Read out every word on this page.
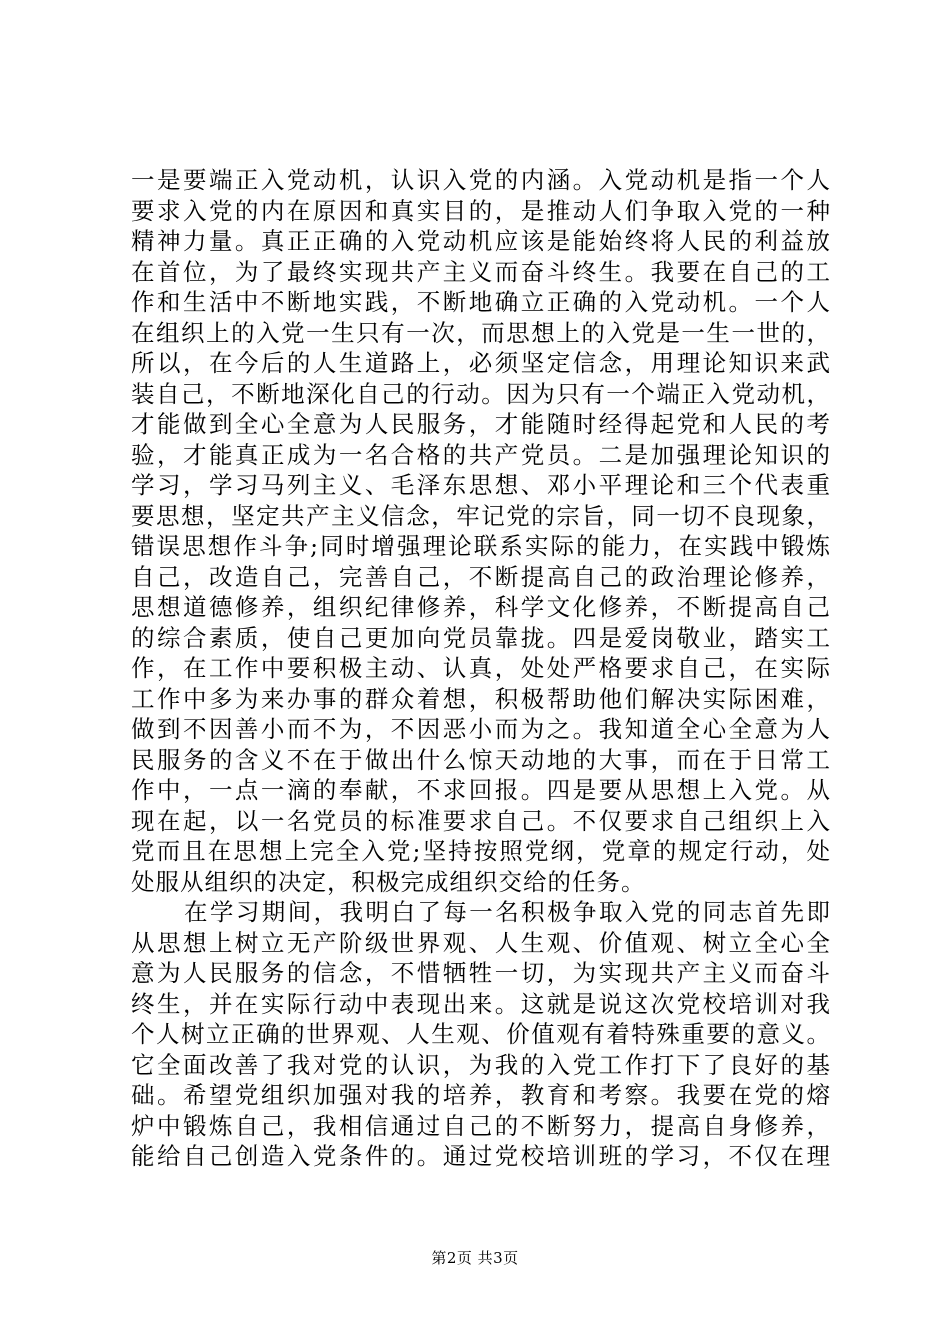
一是要端正入党动机，认识入党的内涵。入党动机是指一个人
要求入党的内在原因和真实目的，是推动人们争取入党的一种
精神力量。真正正确的入党动机应该是能始终将人民的利益放
在首位，为了最终实现共产主义而奋斗终生。我要在自己的工
作和生活中不断地实践，不断地确立正确的入党动机。一个人
在组织上的入党一生只有一次，而思想上的入党是一生一世的，
所以，在今后的人生道路上，必须坚定信念，用理论知识来武
装自己，不断地深化自己的行动。因为只有一个端正入党动机，
才能做到全心全意为人民服务，才能随时经得起党和人民的考
验，才能真正成为一名合格的共产党员。二是加强理论知识的
学习，学习马列主义、毛泽东思想、邓小平理论和三个代表重
要思想，坚定共产主义信念，牢记党的宗旨，同一切不良现象，
错误思想作斗争;同时增强理论联系实际的能力，在实践中锻炼
自己，改造自己，完善自己，不断提高自己的政治理论修养，
思想道德修养，组织纪律修养，科学文化修养，不断提高自己
的综合素质，使自己更加向党员靠拢。四是爱岗敬业，踏实工
作，在工作中要积极主动、认真，处处严格要求自己，在实际
工作中多为来办事的群众着想，积极帮助他们解决实际困难，
做到不因善小而不为，不因恶小而为之。我知道全心全意为人
民服务的含义不在于做出什么惊天动地的大事，而在于日常工
作中，一点一滴的奉献，不求回报。四是要从思想上入党。从
现在起，以一名党员的标准要求自己。不仅要求自己组织上入
党而且在思想上完全入党;坚持按照党纲，党章的规定行动，处
处服从组织的决定，积极完成组织交给的任务。
在学习期间，我明白了每一名积极争取入党的同志首先即
从思想上树立无产阶级世界观、人生观、价值观、树立全心全
意为人民服务的信念，不惜牺牲一切，为实现共产主义而奋斗
终生，并在实际行动中表现出来。这就是说这次党校培训对我
个人树立正确的世界观、人生观、价值观有着特殊重要的意义。
它全面改善了我对党的认识，为我的入党工作打下了良好的基
础。希望党组织加强对我的培养，教育和考察。我要在党的熔
炉中锻炼自己，我相信通过自己的不断努力，提高自身修养，
能给自己创造入党条件的。通过党校培训班的学习，不仅在理
第2页 共3页
